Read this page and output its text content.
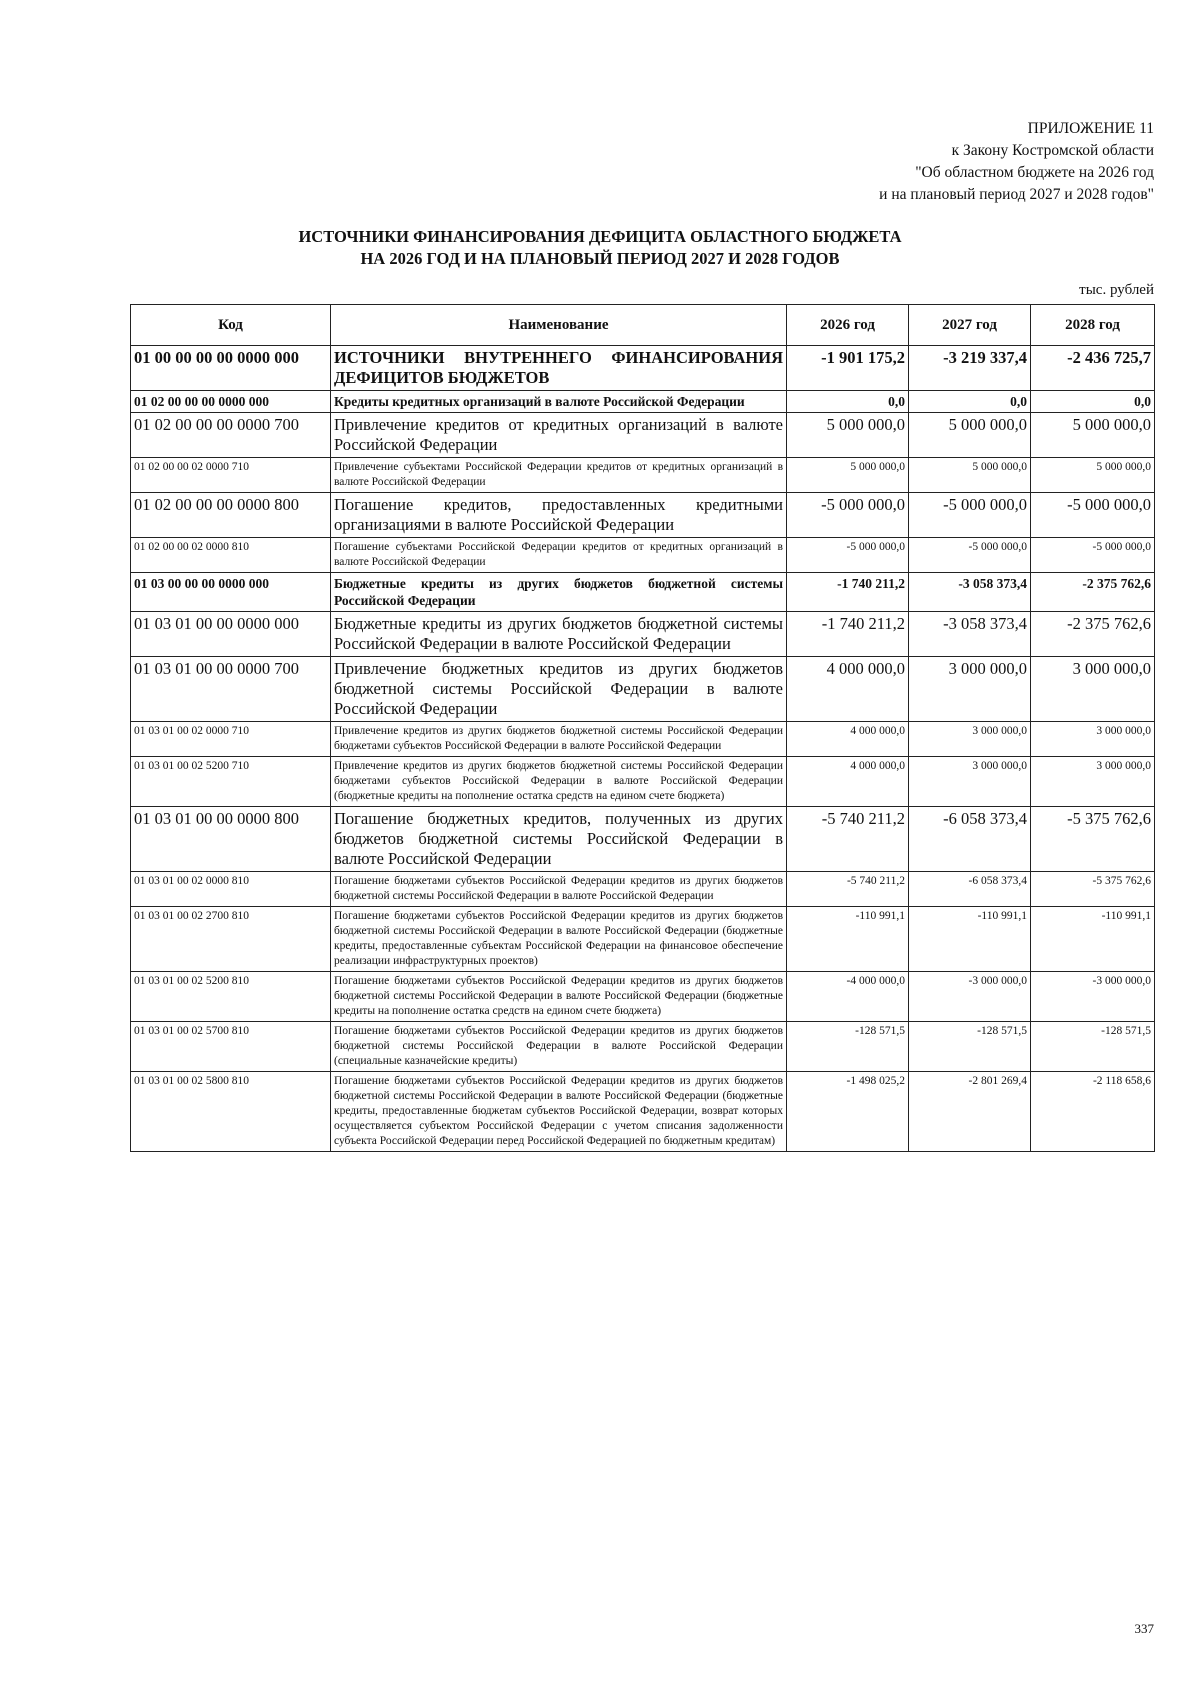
ПРИЛОЖЕНИЕ 11
к Закону Костромской области
"Об областном бюджете на 2026 год
и на плановый период 2027 и 2028 годов"
ИСТОЧНИКИ ФИНАНСИРОВАНИЯ ДЕФИЦИТА ОБЛАСТНОГО БЮДЖЕТА
НА 2026 ГОД И НА ПЛАНОВЫЙ ПЕРИОД 2027 И 2028 ГОДОВ
тыс. рублей
Код	Наименование	2026 год	2027 год	2028 год
01 00 00 00 00 0000 000	ИСТОЧНИКИ ВНУТРЕННЕГО ФИНАНСИРОВАНИЯ ДЕФИЦИТОВ БЮДЖЕТОВ	-1 901 175,2	-3 219 337,4	-2 436 725,7
01 02 00 00 00 0000 000	Кредиты кредитных организаций в валюте Российской Федерации	0,0	0,0	0,0
01 02 00 00 00 0000 700	Привлечение кредитов от кредитных организаций в валюте Российской Федерации	5 000 000,0	5 000 000,0	5 000 000,0
01 02 00 00 02 0000 710	Привлечение субъектами Российской Федерации кредитов от кредитных организаций в валюте Российской Федерации	5 000 000,0	5 000 000,0	5 000 000,0
01 02 00 00 00 0000 800	Погашение кредитов, предоставленных кредитными организациями в валюте Российской Федерации	-5 000 000,0	-5 000 000,0	-5 000 000,0
01 02 00 00 02 0000 810	Погашение субъектами Российской Федерации кредитов от кредитных организаций в валюте Российской Федерации	-5 000 000,0	-5 000 000,0	-5 000 000,0
01 03 00 00 00 0000 000	Бюджетные кредиты из других бюджетов бюджетной системы Российской Федерации	-1 740 211,2	-3 058 373,4	-2 375 762,6
01 03 01 00 00 0000 000	Бюджетные кредиты из других бюджетов бюджетной системы Российской Федерации в валюте Российской Федерации	-1 740 211,2	-3 058 373,4	-2 375 762,6
01 03 01 00 00 0000 700	Привлечение бюджетных кредитов из других бюджетов бюджетной системы Российской Федерации в валюте Российской Федерации	4 000 000,0	3 000 000,0	3 000 000,0
01 03 01 00 02 0000 710	Привлечение кредитов из других бюджетов бюджетной системы Российской Федерации бюджетами субъектов Российской Федерации в валюте Российской Федерации	4 000 000,0	3 000 000,0	3 000 000,0
01 03 01 00 02 5200 710	Привлечение кредитов из других бюджетов бюджетной системы Российской Федерации бюджетами субъектов Российской Федерации в валюте Российской Федерации (бюджетные кредиты на пополнение остатка средств на едином счете бюджета)	4 000 000,0	3 000 000,0	3 000 000,0
01 03 01 00 00 0000 800	Погашение бюджетных кредитов, полученных из других бюджетов бюджетной системы Российской Федерации в валюте Российской Федерации	-5 740 211,2	-6 058 373,4	-5 375 762,6
01 03 01 00 02 0000 810	Погашение бюджетами субъектов Российской Федерации кредитов из других бюджетов бюджетной системы Российской Федерации в валюте Российской Федерации	-5 740 211,2	-6 058 373,4	-5 375 762,6
01 03 01 00 02 2700 810	Погашение бюджетами субъектов Российской Федерации кредитов из других бюджетов бюджетной системы Российской Федерации в валюте Российской Федерации (бюджетные кредиты, предоставленные субъектам Российской Федерации на финансовое обеспечение реализации инфраструктурных проектов)	-110 991,1	-110 991,1	-110 991,1
01 03 01 00 02 5200 810	Погашение бюджетами субъектов Российской Федерации кредитов из других бюджетов бюджетной системы Российской Федерации в валюте Российской Федерации (бюджетные кредиты на пополнение остатка средств на едином счете бюджета)	-4 000 000,0	-3 000 000,0	-3 000 000,0
01 03 01 00 02 5700 810	Погашение бюджетами субъектов Российской Федерации кредитов из других бюджетов бюджетной системы Российской Федерации в валюте Российской Федерации (специальные казначейские кредиты)	-128 571,5	-128 571,5	-128 571,5
01 03 01 00 02 5800 810	Погашение бюджетами субъектов Российской Федерации кредитов из других бюджетов бюджетной системы Российской Федерации в валюте Российской Федерации (бюджетные кредиты, предоставленные бюджетам субъектов Российской Федерации, возврат которых осуществляется субъектом Российской Федерации с учетом списания задолженности субъекта Российской Федерации перед Российской Федерацией по бюджетным кредитам)	-1 498 025,2	-2 801 269,4	-2 118 658,6
337
